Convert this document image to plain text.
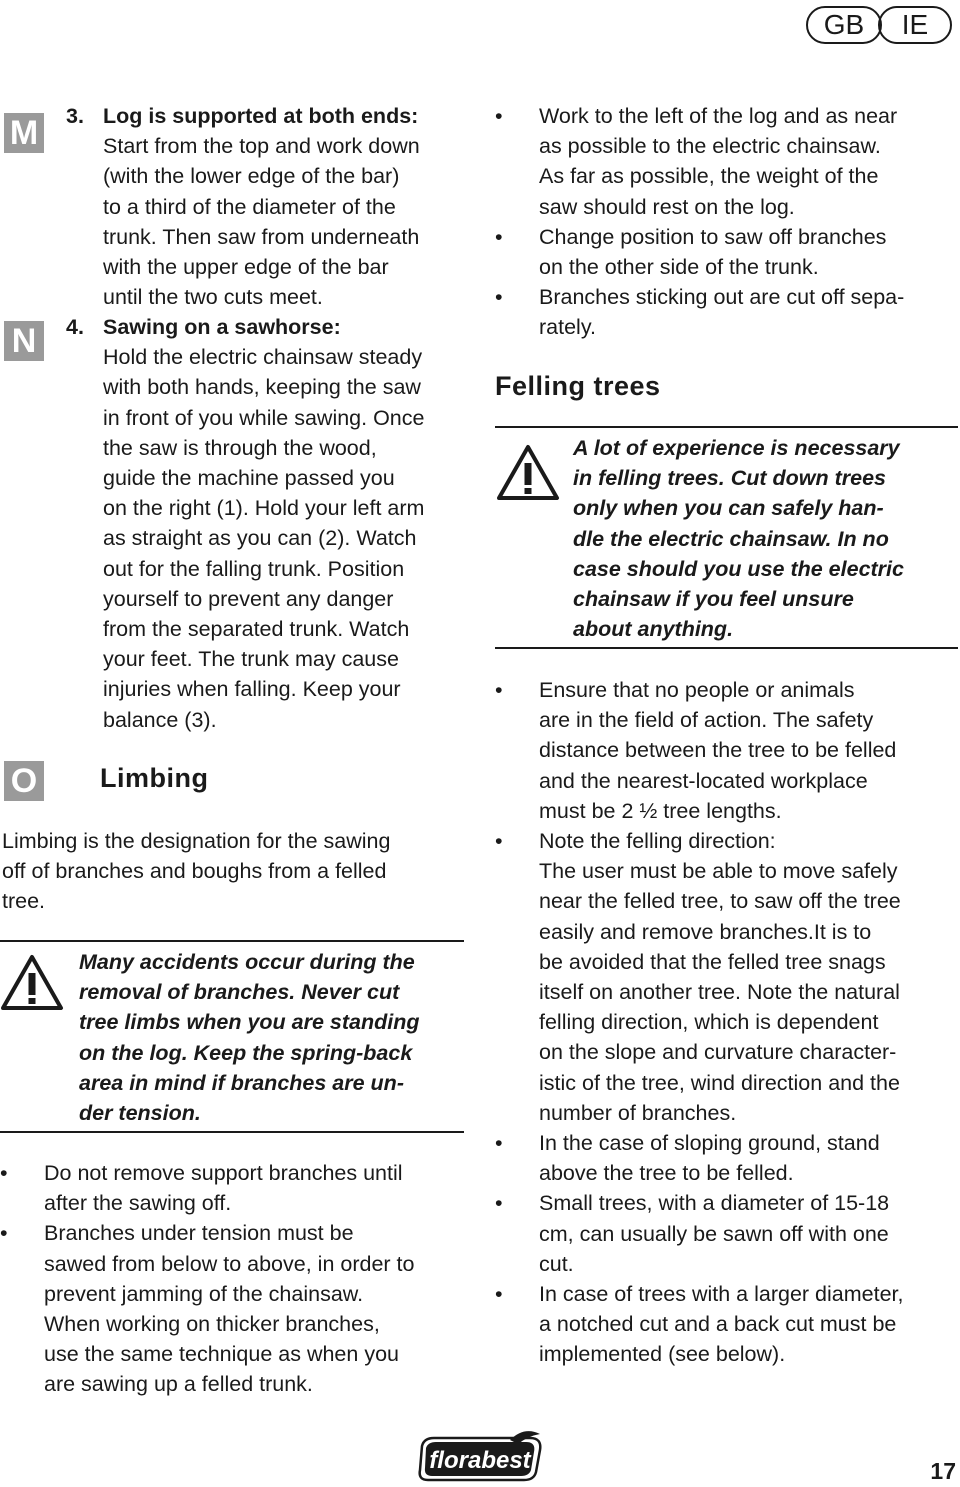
GB	IE
M
N
O
3. Log is supported at both ends:
Start from the top and work down
(with the lower edge of the bar)
to a third of the diameter of the
trunk. Then saw from underneath
with the upper edge of the bar
until the two cuts meet.
4. Sawing on a sawhorse:
Hold the electric chainsaw steady
with both hands, keeping the saw
in front of you while sawing. Once
the saw is through the wood,
guide the machine passed you
on the right (1). Hold your left arm
as straight as you can (2). Watch
out for the falling trunk. Position
yourself to prevent any danger
from the separated trunk. Watch
your feet. The trunk may cause
injuries when falling. Keep your
balance (3).
Limbing
Limbing is the designation for the sawing
off of branches and boughs from a felled
tree.
Many accidents occur during the
removal of branches. Never cut
tree limbs when you are standing
on the log. Keep the spring-back
area in mind if branches are un-
der tension.
• Do not remove support branches until
after the sawing off.
• Branches under tension must be
sawed from below to above, in order to
prevent jamming of the chainsaw.
When working on thicker branches,
use the same technique as when you
are sawing up a felled trunk.
• Work to the left of the log and as near
as possible to the electric chainsaw.
As far as possible, the weight of the
saw should rest on the log.
• Change position to saw off branches
on the other side of the trunk.
• Branches sticking out are cut off sepa-
rately.
Felling trees
A lot of experience is necessary
in felling trees. Cut down trees
only when you can safely han-
dle the electric chainsaw. In no
case should you use the electric
chainsaw if you feel unsure
about anything.
• Ensure that no people or animals
are in the field of action. The safety
distance between the tree to be felled
and the nearest-located workplace
must be 2 ½ tree lengths.
• Note the felling direction:
The user must be able to move safely
near the felled tree, to saw off the tree
easily and remove branches.It is to
be avoided that the felled tree snags
itself on another tree. Note the natural
felling direction, which is dependent
on the slope and curvature character-
istic of the tree, wind direction and the
number of branches.
• In the case of sloping ground, stand
above the tree to be felled.
• Small trees, with a diameter of 15-18
cm, can usually be sawn off with one
cut.
• In case of trees with a larger diameter,
a notched cut and a back cut must be
implemented (see below).
florabest	17
